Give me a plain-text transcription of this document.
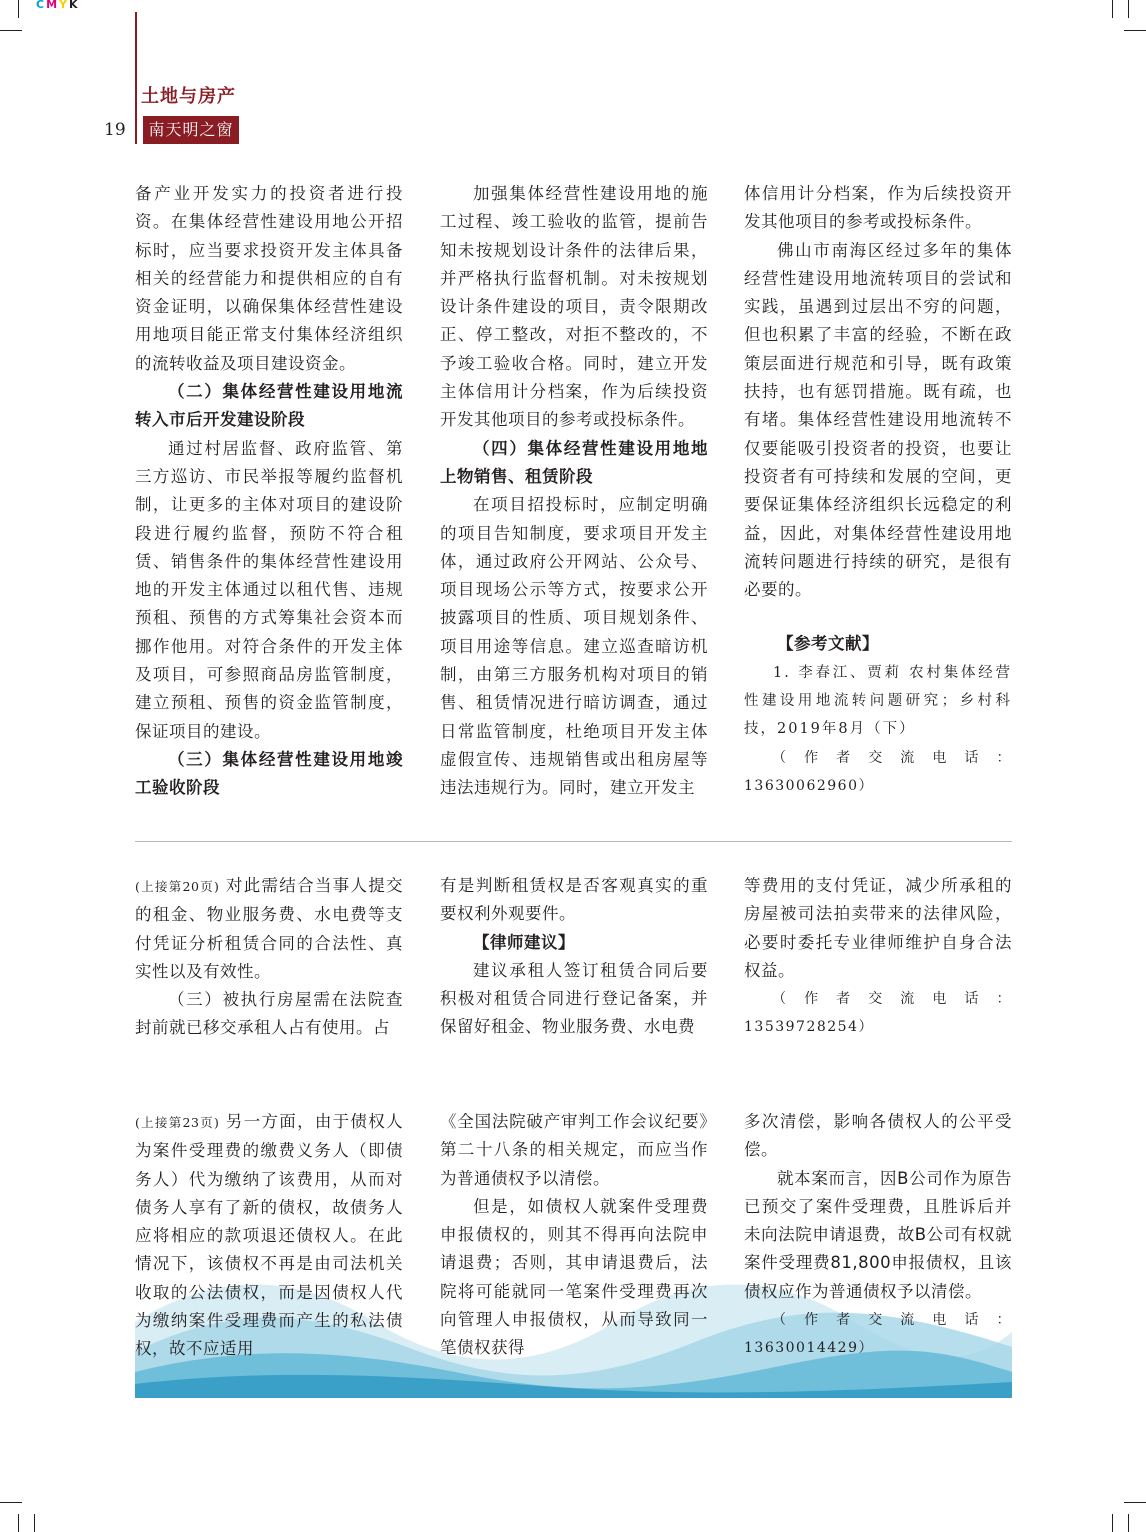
CMYK
土地与房产
19	南天明之窗

备产业开发实力的投资者进行投资。在集体经营性建设用地公开招标时，应当要求投资开发主体具备相关的经营能力和提供相应的自有资金证明，以确保集体经营性建设用地项目能正常支付集体经济组织的流转收益及项目建设资金。

（二）集体经营性建设用地流转入市后开发建设阶段

通过村居监督、政府监管、第三方巡访、市民举报等履约监督机制，让更多的主体对项目的建设阶段进行履约监督，预防不符合租赁、销售条件的集体经营性建设用地的开发主体通过以租代售、违规预租、预售的方式筹集社会资本而挪作他用。对符合条件的开发主体及项目，可参照商品房监管制度，建立预租、预售的资金监管制度，保证项目的建设。

（三）集体经营性建设用地竣工验收阶段

加强集体经营性建设用地的施工过程、竣工验收的监管，提前告知未按规划设计条件的法律后果，并严格执行监督机制。对未按规划设计条件建设的项目，责令限期改正、停工整改，对拒不整改的，不予竣工验收合格。同时，建立开发主体信用计分档案，作为后续投资开发其他项目的参考或投标条件。

（四）集体经营性建设用地地上物销售、租赁阶段

在项目招投标时，应制定明确的项目告知制度，要求项目开发主体，通过政府公开网站、公众号、项目现场公示等方式，按要求公开披露项目的性质、项目规划条件、项目用途等信息。建立巡查暗访机制，由第三方服务机构对项目的销售、租赁情况进行暗访调查，通过日常监管制度，杜绝项目开发主体虚假宣传、违规销售或出租房屋等违法违规行为。同时，建立开发主

体信用计分档案，作为后续投资开发其他项目的参考或投标条件。

佛山市南海区经过多年的集体经营性建设用地流转项目的尝试和实践，虽遇到过层出不穷的问题，但也积累了丰富的经验，不断在政策层面进行规范和引导，既有政策扶持，也有惩罚措施。既有疏，也有堵。集体经营性建设用地流转不仅要能吸引投资者的投资，也要让投资者有可持续和发展的空间，更要保证集体经济组织长远稳定的利益，因此，对集体经营性建设用地流转问题进行持续的研究，是很有必要的。

【参考文献】

1. 李春江、贾莉 农村集体经营性建设用地流转问题研究；乡村科技，2019年8月（下）

（作者交流电话：13630062960）

(上接第20页) 对此需结合当事人提交的租金、物业服务费、水电费等支付凭证分析租赁合同的合法性、真实性以及有效性。

（三）被执行房屋需在法院查封前就已移交承租人占有使用。占

有是判断租赁权是否客观真实的重要权利外观要件。

【律师建议】

建议承租人签订租赁合同后要积极对租赁合同进行登记备案，并保留好租金、物业服务费、水电费

等费用的支付凭证，减少所承租的房屋被司法拍卖带来的法律风险，必要时委托专业律师维护自身合法权益。

（作者交流电话：13539728254）

(上接第23页) 另一方面，由于债权人为案件受理费的缴费义务人（即债务人）代为缴纳了该费用，从而对债务人享有了新的债权，故债务人应将相应的款项退还债权人。在此情况下，该债权不再是由司法机关收取的公法债权，而是因债权人代为缴纳案件受理费而产生的私法债权，故不应适用

《全国法院破产审判工作会议纪要》第二十八条的相关规定，而应当作为普通债权予以清偿。

但是，如债权人就案件受理费申报债权的，则其不得再向法院申请退费；否则，其申请退费后，法院将可能就同一笔案件受理费再次向管理人申报债权，从而导致同一笔债权获得

多次清偿，影响各债权人的公平受偿。

就本案而言，因B公司作为原告已预交了案件受理费，且胜诉后并未向法院申请退费，故B公司有权就案件受理费81,800申报债权，且该债权应作为普通债权予以清偿。

（作者交流电话：13630014429）
